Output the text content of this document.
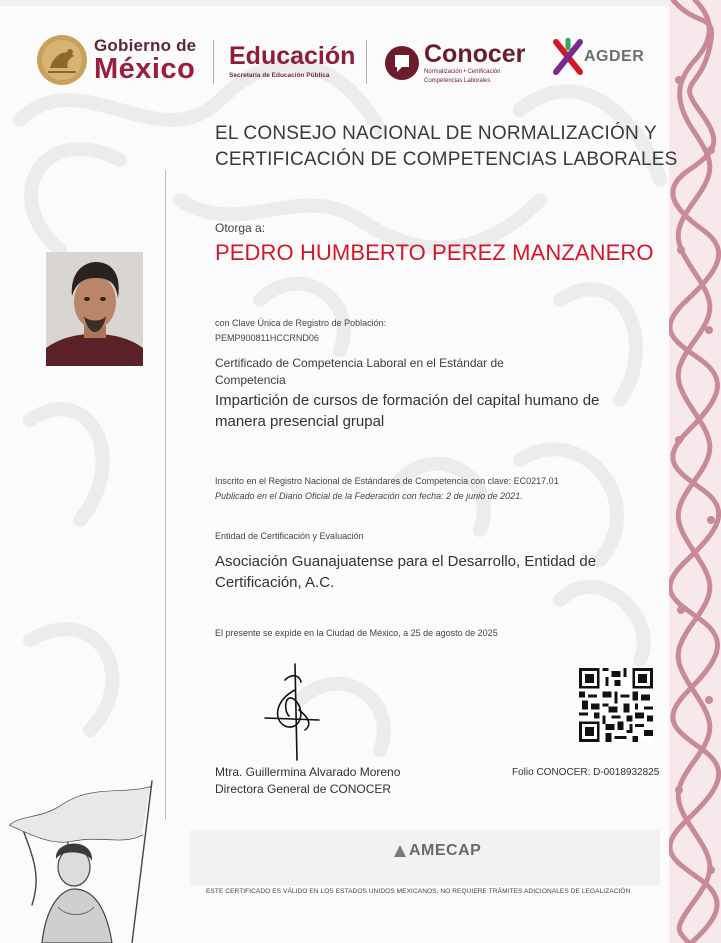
Gobierno de
México Educación
Secretaría de Educación Pública
Conocer
Normalización • Certificación
Competencias Laborales
AGDER
EL CONSEJO NACIONAL DE NORMALIZACIÓN Y
CERTIFICACIÓN DE COMPETENCIAS LABORALES
Otorga a:
PEDRO HUMBERTO PEREZ MANZANERO
con Clave Única de Registro de Población:
PEMP900811HCCRND06
Certificado de Competencia Laboral en el Estándar de Competencia
Impartición de cursos de formación del capital humano de manera presencial grupal
Inscrito en el Registro Nacional de Estándares de Competencia con clave: EC0217.01
Publicado en el Diario Oficial de la Federación con fecha: 2 de junio de 2021.
Entidad de Certificación y Evaluación
Asociación Guanajuatense para el Desarrollo, Entidad de Certificación, A.C.
El presente se expide en la Ciudad de México, a 25 de agosto de 2025
Mtra. Guillermina Alvarado Moreno
Directora General de CONOCER
Folio CONOCER: D-0018932825
AMECAP
ESTE CERTIFICADO ES VÁLIDO EN LOS ESTADOS UNIDOS MEXICANOS, NO REQUIERE TRÁMITES ADICIONALES DE LEGALIZACIÓN
